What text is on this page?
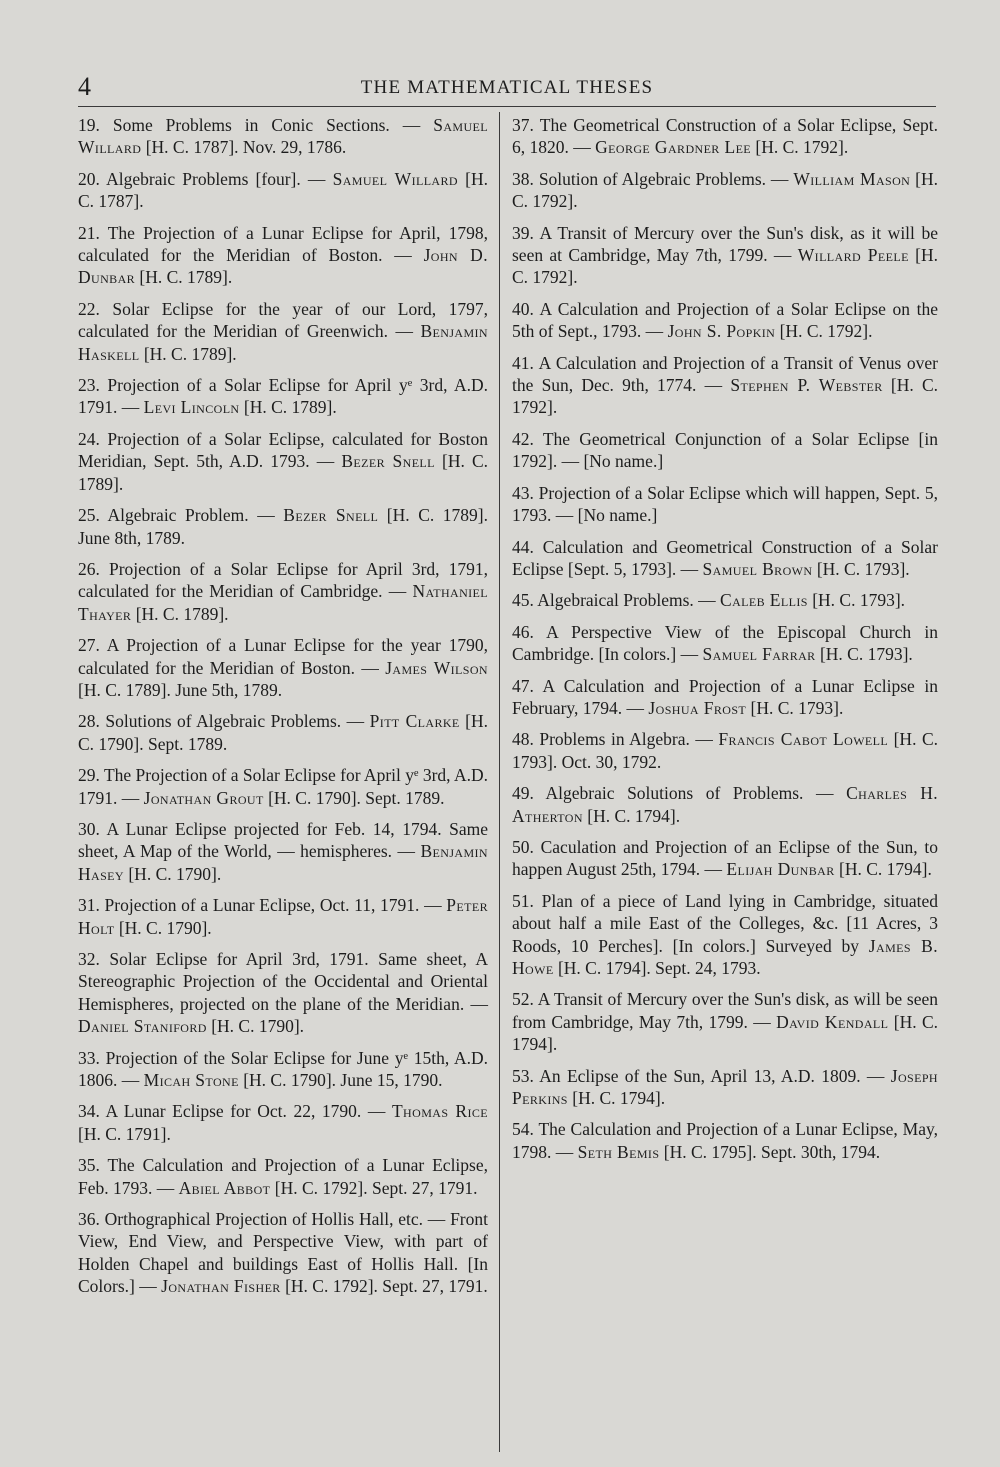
4	THE MATHEMATICAL THESES

19. Some Problems in Conic Sections. — Samuel Willard [H. C. 1787]. Nov. 29, 1786.

20. Algebraic Problems [four]. — Samuel Willard [H. C. 1787].

21. The Projection of a Lunar Eclipse for April, 1798, calculated for the Meridian of Boston. — John D. Dunbar [H. C. 1789].

22. Solar Eclipse for the year of our Lord, 1797, calculated for the Meridian of Greenwich. — Benjamin Haskell [H. C. 1789].

23. Projection of a Solar Eclipse for April yᵉ 3rd, A.D. 1791. — Levi Lincoln [H. C. 1789].

24. Projection of a Solar Eclipse, calculated for Boston Meridian, Sept. 5th, A.D. 1793. — Bezer Snell [H. C. 1789].

25. Algebraic Problem. — Bezer Snell [H. C. 1789]. June 8th, 1789.

26. Projection of a Solar Eclipse for April 3rd, 1791, calculated for the Meridian of Cambridge. — Nathaniel Thayer [H. C. 1789].

27. A Projection of a Lunar Eclipse for the year 1790, calculated for the Meridian of Boston. — James Wilson [H. C. 1789]. June 5th, 1789.

28. Solutions of Algebraic Problems. — Pitt Clarke [H. C. 1790]. Sept. 1789.

29. The Projection of a Solar Eclipse for April yᵉ 3rd, A.D. 1791. — Jonathan Grout [H. C. 1790]. Sept. 1789.

30. A Lunar Eclipse projected for Feb. 14, 1794. Same sheet, A Map of the World, — hemispheres. — Benjamin Hasey [H. C. 1790].

31. Projection of a Lunar Eclipse, Oct. 11, 1791. — Peter Holt [H. C. 1790].

32. Solar Eclipse for April 3rd, 1791. Same sheet, A Stereographic Projection of the Occidental and Oriental Hemispheres, projected on the plane of the Meridian. — Daniel Staniford [H. C. 1790].

33. Projection of the Solar Eclipse for June yᵉ 15th, A.D. 1806. — Micah Stone [H. C. 1790]. June 15, 1790.

34. A Lunar Eclipse for Oct. 22, 1790. — Thomas Rice [H. C. 1791].

35. The Calculation and Projection of a Lunar Eclipse, Feb. 1793. — Abiel Abbot [H. C. 1792]. Sept. 27, 1791.

36. Orthographical Projection of Hollis Hall, etc. — Front View, End View, and Perspective View, with part of Holden Chapel and buildings East of Hollis Hall. [In Colors.] — Jonathan Fisher [H. C. 1792]. Sept. 27, 1791.

37. The Geometrical Construction of a Solar Eclipse, Sept. 6, 1820. — George Gardner Lee [H. C. 1792].

38. Solution of Algebraic Problems. — William Mason [H. C. 1792].

39. A Transit of Mercury over the Sun's disk, as it will be seen at Cambridge, May 7th, 1799. — Willard Peele [H. C. 1792].

40. A Calculation and Projection of a Solar Eclipse on the 5th of Sept., 1793. — John S. Popkin [H. C. 1792].

41. A Calculation and Projection of a Transit of Venus over the Sun, Dec. 9th, 1774. — Stephen P. Webster [H. C. 1792].

42. The Geometrical Conjunction of a Solar Eclipse [in 1792]. — [No name.]

43. Projection of a Solar Eclipse which will happen, Sept. 5, 1793. — [No name.]

44. Calculation and Geometrical Construction of a Solar Eclipse [Sept. 5, 1793]. — Samuel Brown [H. C. 1793].

45. Algebraical Problems. — Caleb Ellis [H. C. 1793].

46. A Perspective View of the Episcopal Church in Cambridge. [In colors.] — Samuel Farrar [H. C. 1793].

47. A Calculation and Projection of a Lunar Eclipse in February, 1794. — Joshua Frost [H. C. 1793].

48. Problems in Algebra. — Francis Cabot Lowell [H. C. 1793]. Oct. 30, 1792.

49. Algebraic Solutions of Problems. — Charles H. Atherton [H. C. 1794].

50. Caculation and Projection of an Eclipse of the Sun, to happen August 25th, 1794. — Elijah Dunbar [H. C. 1794].

51. Plan of a piece of Land lying in Cambridge, situated about half a mile East of the Colleges, &c. [11 Acres, 3 Roods, 10 Perches]. [In colors.] Surveyed by James B. Howe [H. C. 1794]. Sept. 24, 1793.

52. A Transit of Mercury over the Sun's disk, as will be seen from Cambridge, May 7th, 1799. — David Kendall [H. C. 1794].

53. An Eclipse of the Sun, April 13, A.D. 1809. — Joseph Perkins [H. C. 1794].

54. The Calculation and Projection of a Lunar Eclipse, May, 1798. — Seth Bemis [H. C. 1795]. Sept. 30th, 1794.
